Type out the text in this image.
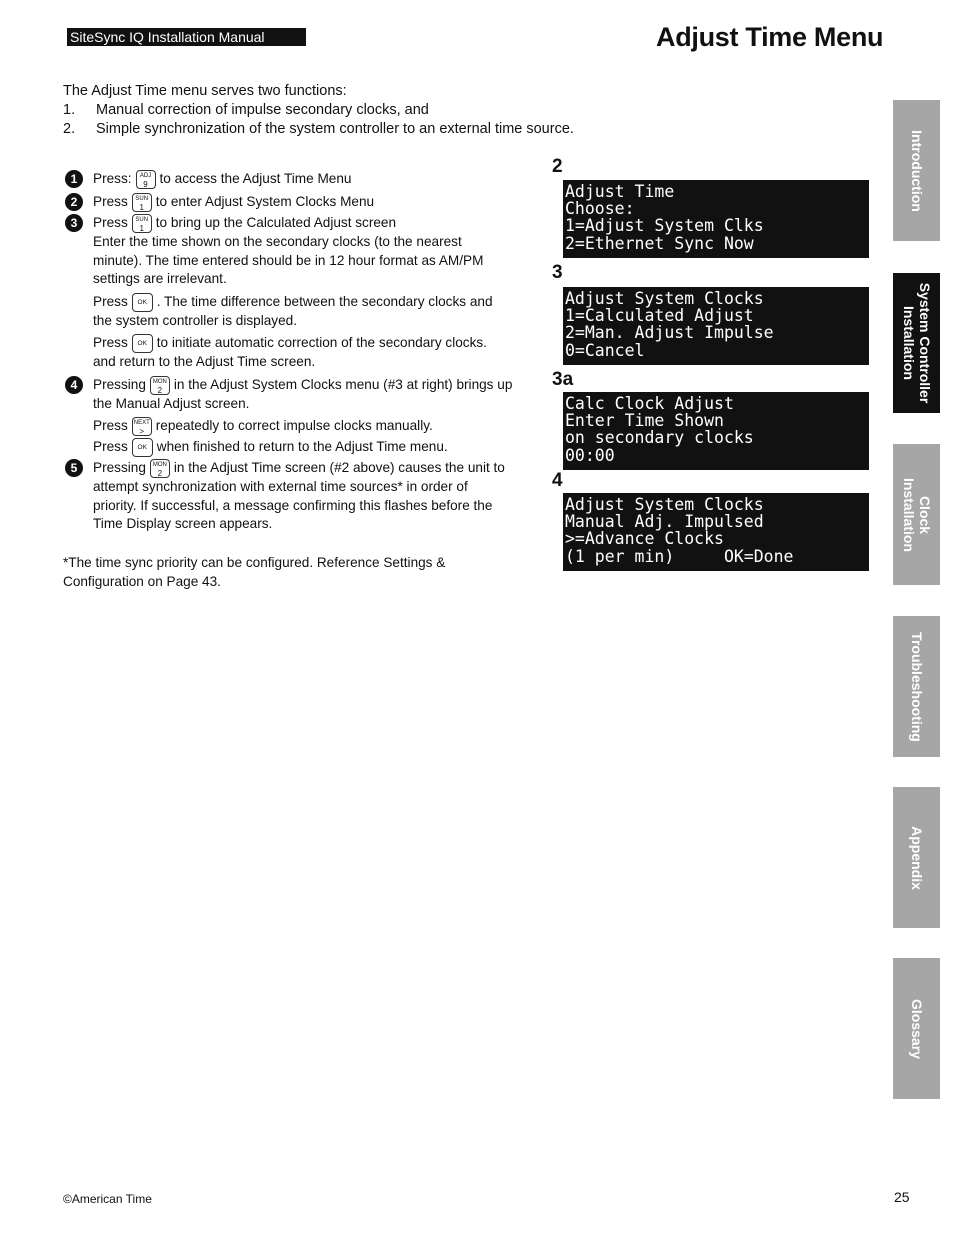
SiteSync IQ Installation Manual	Adjust Time Menu
The Adjust Time menu serves two functions:
1. Manual correction of impulse secondary clocks, and
2. Simple synchronization of the system controller to an external time source.
1	Press: ADJ
9 to access the Adjust Time Menu
2	Press SUN
1 to enter Adjust System Clocks Menu
3	Press SUN
1 to bring up the Calculated Adjust screen
Enter the time shown on the secondary clocks (to the nearest minute). The time entered should be in 12 hour format as AM/PM settings are irrelevant.
Press OK . The time difference between the secondary clocks and the system controller is displayed.
Press OK to initiate automatic correction of the secondary clocks. and return to the Adjust Time screen.
4	Pressing MON
2 in the Adjust System Clocks menu (#3 at right) brings up the Manual Adjust screen.
Press NEXT
> repeatedly to correct impulse clocks manually.
Press OK when finished to return to the Adjust Time menu.
5	Pressing MON
2 in the Adjust Time screen (#2 above) causes the unit to attempt synchronization with external time sources* in order of priority. If successful, a message confirming this flashes before the Time Display screen appears.
*The time sync priority can be configured. Reference Settings & Configuration on Page 43.
2
Adjust Time
Choose:
1=Adjust System Clks
2=Ethernet Sync Now
3
Adjust System Clocks
1=Calculated Adjust
2=Man. Adjust Impulse
0=Cancel
3a
Calc Clock Adjust
Enter Time Shown
on secondary clocks
00:00
4
Adjust System Clocks
Manual Adj. Impulsed
>=Advance Clocks
(1 per min)     OK=Done
Introduction
System Controller
Installation
Clock
Installation
Troubleshooting
Appendix
Glossary
©American Time	25
